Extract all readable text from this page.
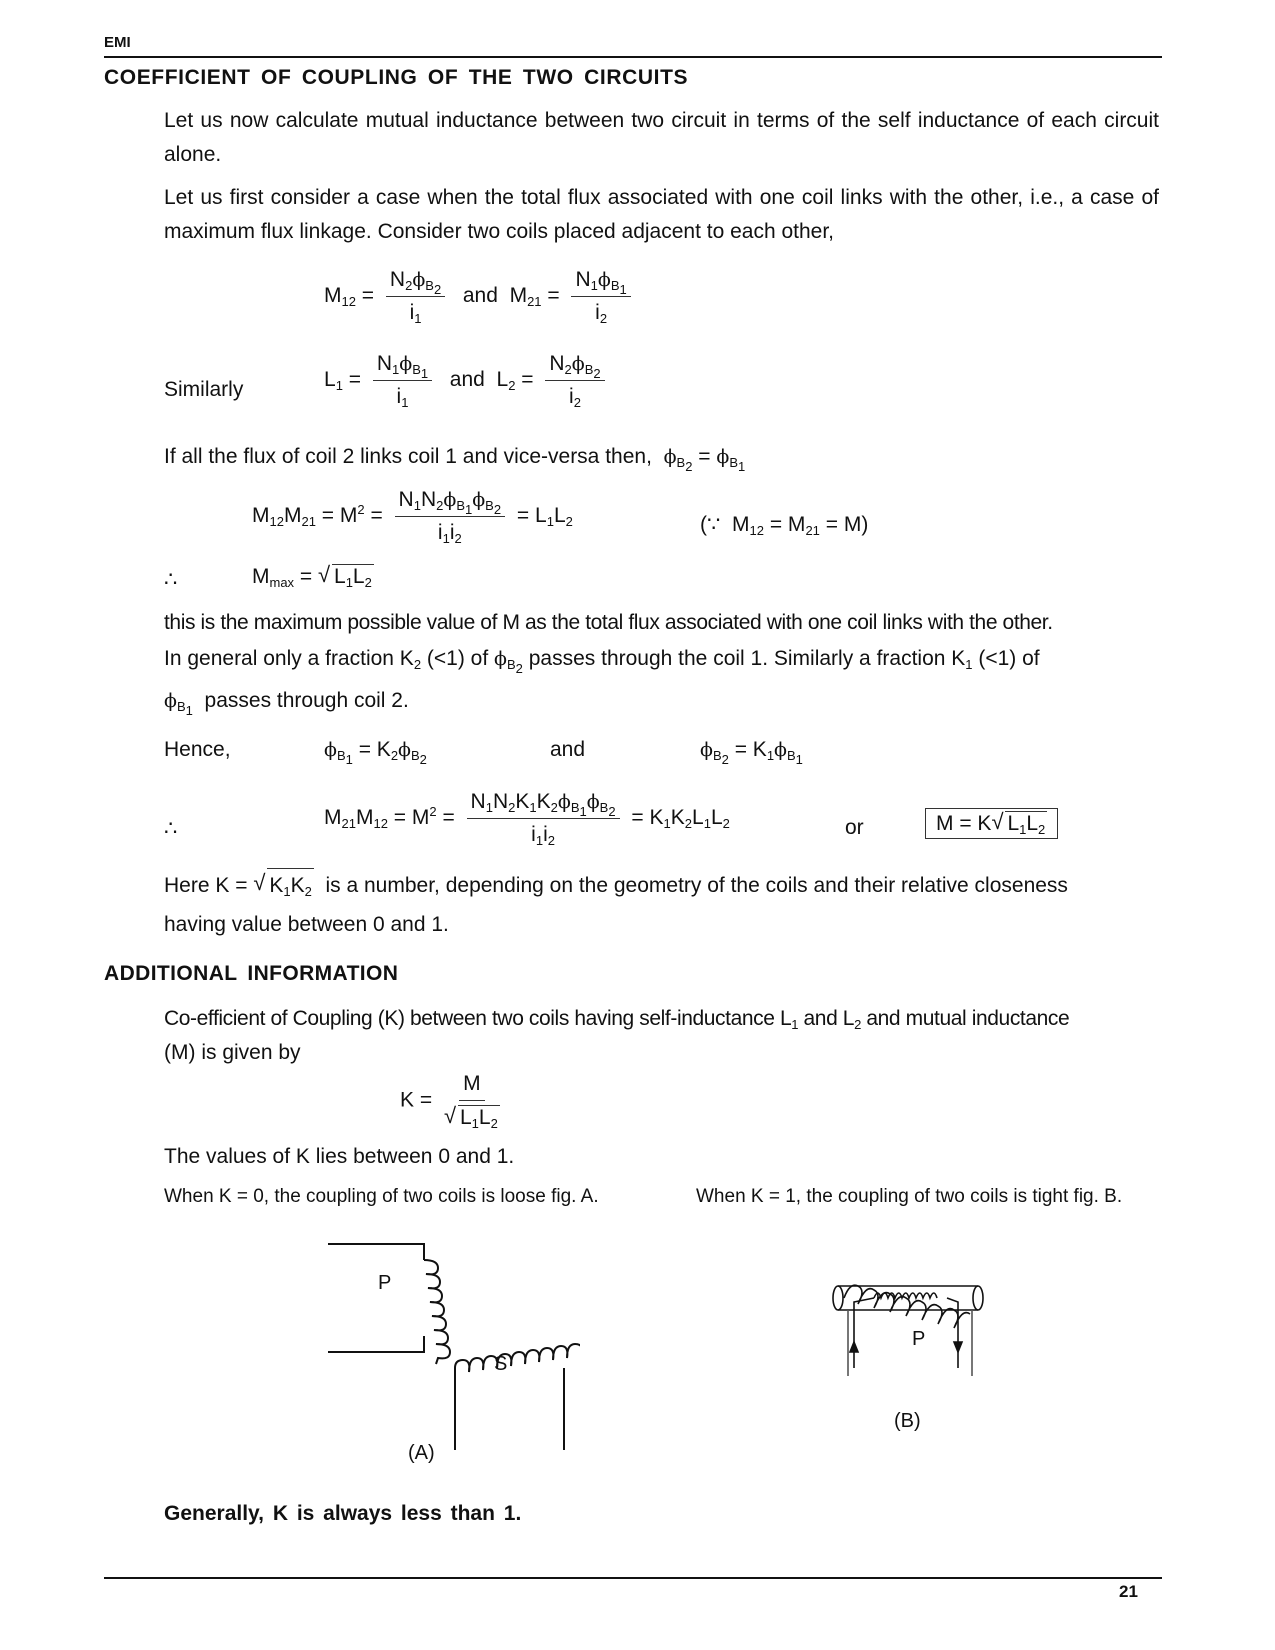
EMI
COEFFICIENT OF COUPLING OF THE TWO CIRCUITS
Let us now calculate mutual inductance between two circuit in terms of the self inductance of each circuit alone.
Let us first consider a case when the total flux associated with one coil links with the other, i.e., a case of maximum flux linkage. Consider two coils placed adjacent to each other,
$M_{12} = \frac{N_2\phi_{B_2}}{i_1}$ and $M_{21} = \frac{N_1\phi_{B_1}}{i_2}$
Similarly	$L_1 = \frac{N_1\phi_{B_1}}{i_1}$ and $L_2 = \frac{N_2\phi_{B_2}}{i_2}$
If all the flux of coil 2 links coil 1 and vice-versa then, $\phi_{B_2} = \phi_{B_1}$
$M_{12}M_{21} = M^2 = \frac{N_1N_2\phi_{B_1}\phi_{B_2}}{i_1i_2} = L_1L_2$	(∵  $M_{12} = M_{21} = M$)
∴	$M_{max}$ = √ $L_1L_2$
this is the maximum possible value of M as the total flux associated with one coil links with the other.
In general only a fraction $K_2$ (<1) of $\phi_{B_2}$ passes through the coil 1. Similarly a fraction $K_1$ (<1) of
$\phi_{B_1}$ passes through coil 2.
Hence,	$\phi_{B_1} = K_2\phi_{B_2}$	and	$\phi_{B_2} = K_1\phi_{B_1}$
∴	$M_{21}M_{12} = M^2 = \frac{N_1N_2K_1K_2\phi_{B_1}\phi_{B_2}}{i_1i_2} = K_1K_2L_1L_2$	or	M = K √ $L_1L_2$
Here K = √ $K_1K_2$ is a number, depending on the geometry of the coils and their relative closeness
having value between 0 and 1.
ADDITIONAL INFORMATION
Co-efficient of Coupling (K) between two coils having self-inductance $L_1$ and $L_2$ and mutual inductance
(M) is given by
K = M
√ $L_1L_2$
The values of K lies between 0 and 1.
When K = 0, the coupling of two coils is loose fig. A.	When K = 1, the coupling of two coils is tight fig. B.
P
S
(A)
P
(B)
Generally, K is always less than 1.
21
